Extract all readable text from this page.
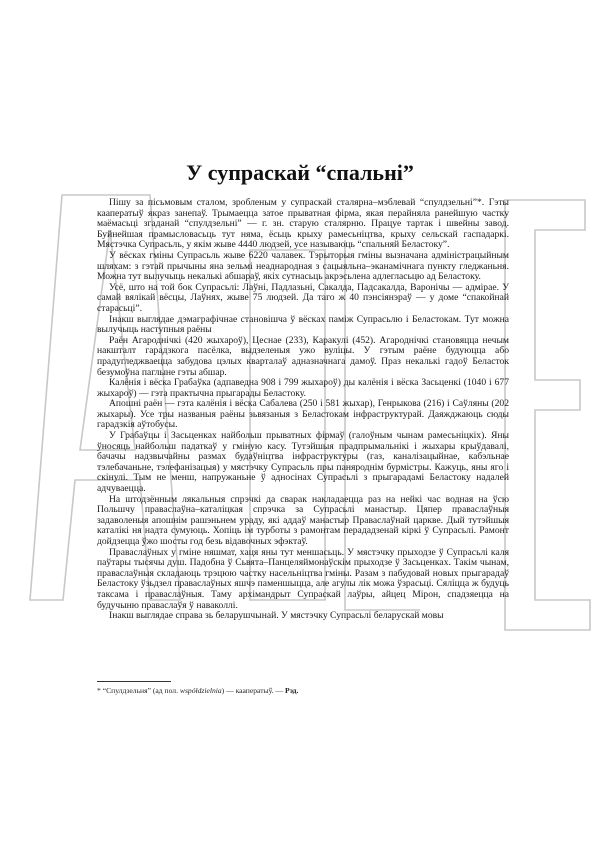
У супраскай “спальні”

Пішу за пісьмовым сталом, зробленым у супраскай сталярна–мэблевай “спулдзельні”*. Гэты кааператыў якраз занепаў. Трымаецца затое прыватная фірма, якая перайняла ранейшую частку маёмасьці згаданай “спулдзельні” — г. зн. старую сталярню. Працуе тартак і швейны завод. Буйнейшая прамысловасьць тут няма, ёсьць крыху рамесьніцтва, крыху сельскай гаспадаркі. Мястэчка Супрасьль, у якім жыве 4440 людзей, усе называюць “спальняй Беластоку”.

У вёсках гміны Супрасьль жыве 6220 чалавек. Тэрыторыя гміны вызначана адміністрацыйным шляхам: з гэтай прычыны яна зельмі неаднародная з сацыяльна–эканамічнага пункту гледжаньня. Можна тут вылучыць некалькі абшараў, якіх сутнасьць акрэсьлена адлегласьцю ад Беластоку.

Усё, што на той бок Супрасьлі: Лаўні, Падлазьні, Сакалда, Падсакалда, Варонічы — адмірае. У самай вялікай вёсцы, Лаўнях, жыве 75 людзей. Да таго ж 40 пэнсіянэраў — у доме “спакойнай старасьці”.

Інакш выглядае дэмаграфічнае становішча ў вёсках паміж Супрасьлю і Беластокам. Тут можна вылучыць наступныя раёны

Раён Агароднічкі (420 жыхароў), Цеснае (233), Каракулі (452). Агароднічкі становяцца нечым накшталт гарадзкога пасёлка, выдзеленыя ужо вуліцы. У гэтым раёне будуюцца або прадугледжваецца забудова цэлых кварталаў адназначнага дамоў. Праз некалькі гадоў Беласток безумоўна паглыне гэты абшар.

Калёнія і вёска Грабаўка (адпаведна 908 і 799 жыхароў) ды калёнія і вёска Засьценкі (1040 і 677 жыхароў) — гэта практычна прыгарады Беластоку.

Апошні раён — гэта калёнія і вёска Сабалева (250 і 581 жыхар), Генрыкова (216) і Саўляны (202 жыхары). Усе тры названыя раёны зьвязаныя з Беластокам інфраструктурай. Даяжджаюць сюды гарадзкія аўтобусы.

У Грабаўцы і Засьценках найбольш прыватных фірмаў (галоўным чынам рамесьніцкіх). Яны ўносяць найбольш падаткаў у гміную касу. Тутэйшыя прадпрымальнікі і жыхары крыўдавалі, бачачы надзвычайны размах будаўніцтва інфраструктуры (газ, каналізацыйнае, кабэльнае тэлебачаньне, тэлефанізацыя) у мястэчку Супрасьль пры паняроднім бурмістры. Кажуць, яны яго і скінулі. Тым не менш, напружаньне ў адносінах Супрасьлі з прыгарадамі Беластоку надалей адчуваецца.

На штодзённым лякальныя спрэчкі да сварак накладаецца раз на нейкі час водная на ўсю Польшчу праваслаўна–каталіцкая спрэчка за Супрасьлі манастыр. Цяпер праваслаўныя задаволеныя апошнім рашэньнем ураду, які аддаў манастыр Праваслаўнай царкве. Дый тутэйшыя каталікі ня надта сумуюць. Хопіць ім турботы з рамонтам перададзенай кіркі ў Супрасьлі. Рамонт дойдзецца ўжо шосты год безь відавочных эфэктаў.

Праваслаўных у гміне няшмат, хаця яны тут меншасьць. У мястэчку прыходзе ў Супрасьлі каля паўтары тысячы душ. Падобна ў Сьвята–Панцеляймонаўскім прыходзе ў Засьценках. Такім чынам, праваслаўныя складаюць трэцюю частку насельніцтва гміны. Разам з пабудовай новых прыгарадаў Беластоку ўзьдзел праваслаўных яшчэ паменшыцца, але агулы лік можа ўзрасьці. Сяліцца ж будуць таксама і праваслаўныя. Таму архімандрыт Супраскай лаўры, айцец Мірон, спадзяецца на будучыню праваслаўя ў наваколлі.

Інакш выглядае справа зь беларушчынай. У мястэчку Супрасьлі беларускай мовы

* “Спулдзельня” (ад пол. współdzielnia) — кааператыў. — Рэд.
